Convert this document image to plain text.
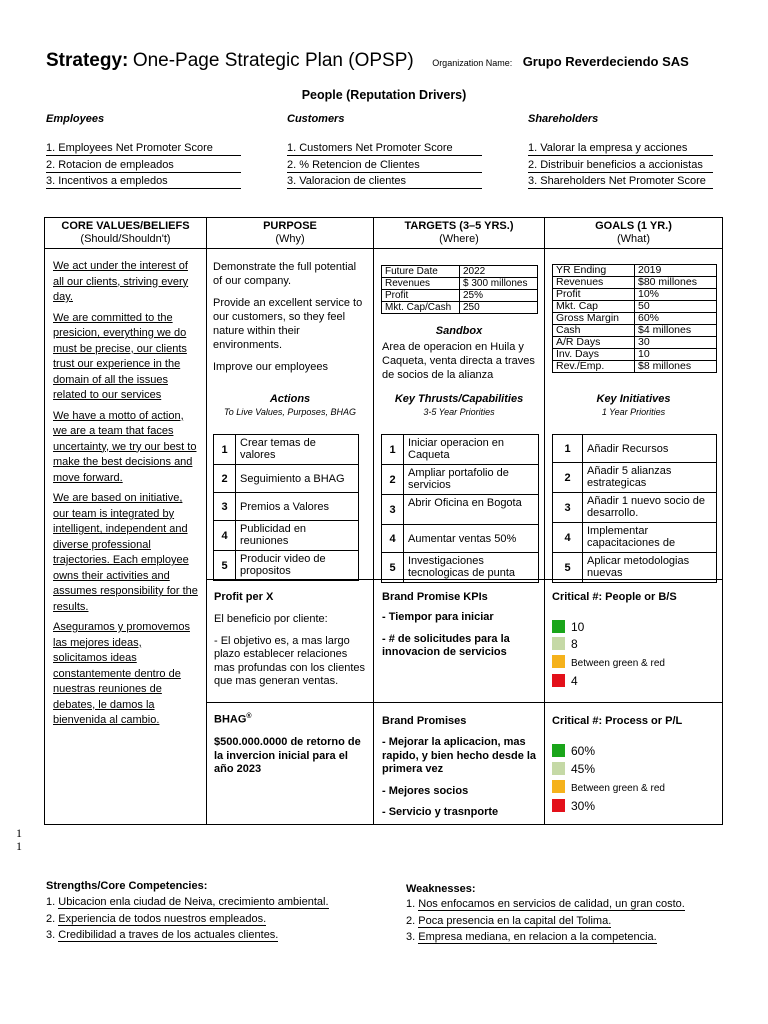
Strategy: One-Page Strategic Plan (OPSP) Organization Name: Grupo Reverdeciendo SAS
People (Reputation Drivers)
Employees
1. Employees Net Promoter Score
2. Rotacion de empleados
3. Incentivos a empledos
Customers
1. Customers Net Promoter Score
2. % Retencion de Clientes
3. Valoracion de clientes
Shareholders
1. Valorar la empresa y acciones
2. Distribuir beneficios a accionistas
3. Shareholders Net Promoter Score
CORE VALUES/BELIEFS
(Should/Shouldn't)
PURPOSE
(Why)
TARGETS (3–5 YRS.)
(Where)
GOALS (1 YR.)
(What)

We act under the interest of all our clients, striving every day.

We are committed to the presicion, everything we do must be precise, our clients trust our experience in the domain of all the issues related to our services

We have a motto of action, we are a team that faces uncertainty, we try our best to make the best decisions and move forward.

We are based on initiative, our team is integrated by intelligent, independent and diverse professional trajectories. Each employee owns their activities and assumes responsibility for the results.

Aseguramos y promovemos las mejores ideas, solicitamos ideas constantemente dentro de nuestras reuniones de debates, le damos la bienvenida al cambio.

Demonstrate the full potential of our company.

Provide an excellent service to our customers, so they feel nature within their environments.

Improve our employees

Future Date	2022
Revenues	$ 300 millones
Profit	25%
Mkt. Cap/Cash	250
Sandbox
Area de operacion en Huila y Caqueta, venta directa a traves de socios de la alianza
YR Ending	2019
Revenues	$80 millones
Profit	10%
Mkt. Cap	50
Gross Margin	60%
Cash	$4 millones
A/R Days	30
Inv. Days	10
Rev./Emp.	$8 millones
Actions
To Live Values, Purposes, BHAG
1	Crear temas de valores

2	Seguimiento a BHAG

3	Premios a Valores

4	Publicidad en reuniones

5	Producir video de propositos
Key Thrusts/Capabilities
3-5 Year Priorities
1	Iniciar operacion en Caqueta

2	Ampliar portafolio de servicios

3	Abrir Oficina en Bogota

4	Aumentar ventas 50%

5	Investigaciones tecnologicas de punta
Key Initiatives
1 Year Priorities
1	Añadir Recursos

2	Añadir 5 alianzas estrategicas

3	Añadir 1 nuevo socio de desarrollo.

4	Implementar capacitaciones de

5	Aplicar metodologias nuevas
Profit per X

El beneficio por cliente:

- El objetivo es, a mas largo plazo establecer relaciones mas profundas con los clientes que mas generan ventas.

Brand Promise KPIs

- Tiempor para iniciar

- # de solicitudes para la innovacion de servicios

Critical #: People or B/S
10
8
Between green & red
4
BHAG®
$500.000.0000 de retorno de la invercion inicial para el año 2023
Brand Promises

- Mejorar la aplicacion, mas rapido, y bien hecho desde la primera vez

- Mejores socios

- Servicio y trasnporte

Critical #: Process or P/L
60%
45%
Between green & red
30%
1
1
Strengths/Core Competencies:
1. Ubicacion enla ciudad de Neiva, crecimiento ambiental.
2. Experiencia de todos nuestros empleados.
3. Credibilidad a traves de los actuales clientes.
Weaknesses:
1. Nos enfocamos en servicios de calidad, un gran costo.
2. Poca presencia en la capital del Tolima.
3. Empresa mediana, en relacion a la competencia.
